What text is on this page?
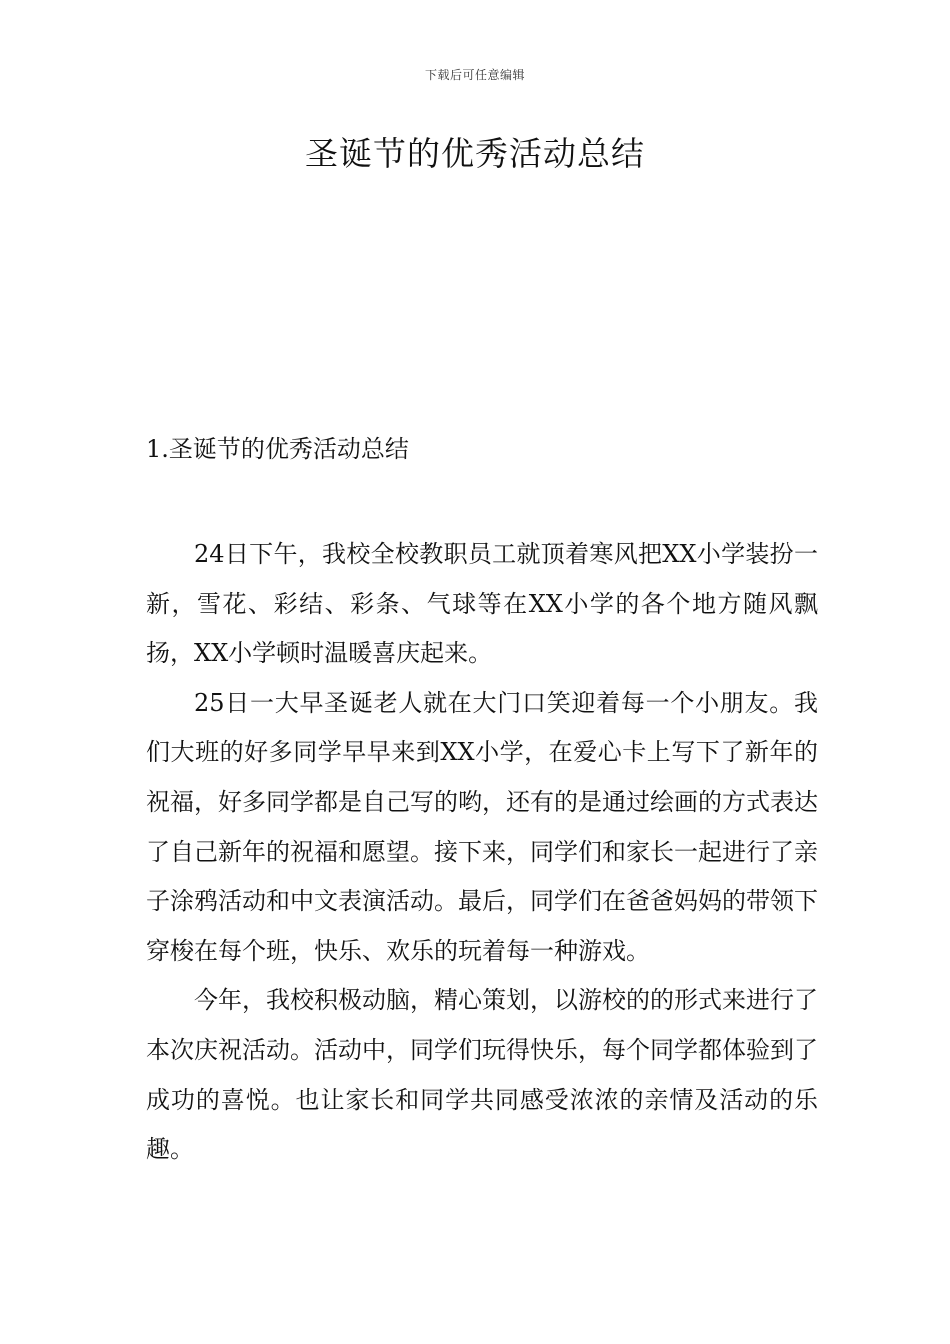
下载后可任意编辑
圣诞节的优秀活动总结
1.圣诞节的优秀活动总结

24日下午，我校全校教职员工就顶着寒风把XX小学装扮一新，雪花、彩结、彩条、气球等在XX小学的各个地方随风飘扬，XX小学顿时温暖喜庆起来。

25日一大早圣诞老人就在大门口笑迎着每一个小朋友。我们大班的好多同学早早来到XX小学，在爱心卡上写下了新年的祝福，好多同学都是自己写的哟，还有的是通过绘画的方式表达了自己新年的祝福和愿望。接下来，同学们和家长一起进行了亲子涂鸦活动和中文表演活动。最后，同学们在爸爸妈妈的带领下穿梭在每个班，快乐、欢乐的玩着每一种游戏。

今年，我校积极动脑，精心策划，以游校的的形式来进行了本次庆祝活动。活动中，同学们玩得快乐，每个同学都体验到了成功的喜悦。也让家长和同学共同感受浓浓的亲情及活动的乐趣。
